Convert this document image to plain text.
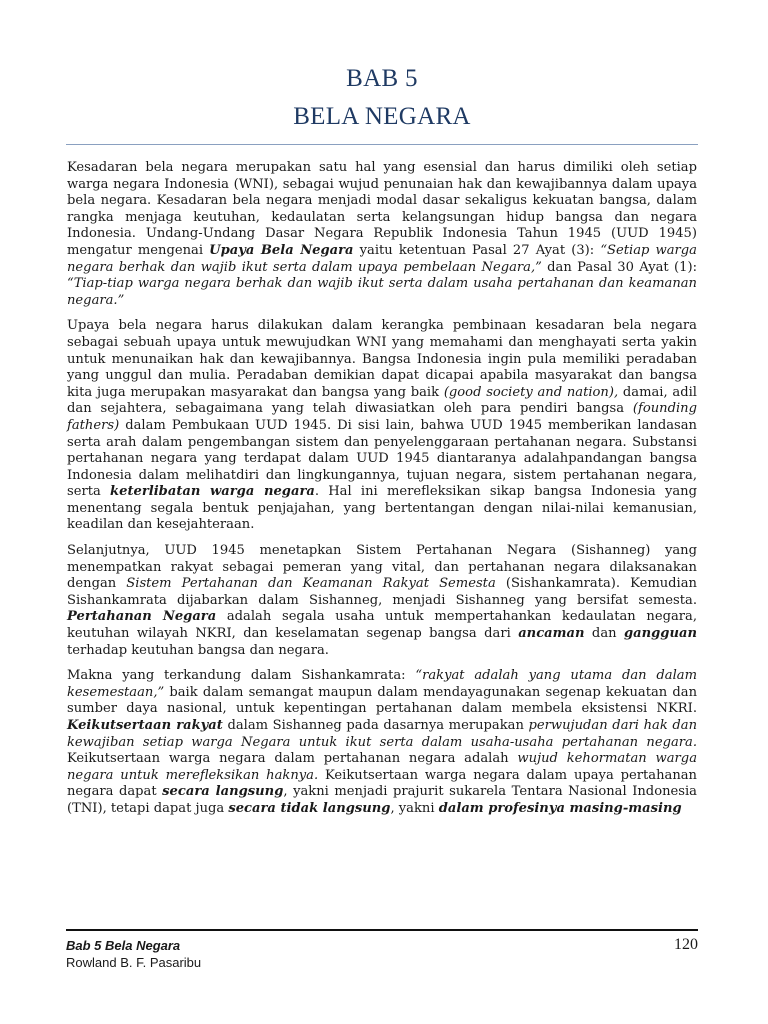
BAB 5
BELA NEGARA

Kesadaran bela negara merupakan satu hal yang esensial dan harus dimiliki oleh setiap warga negara Indonesia (WNI), sebagai wujud penunaian hak dan kewajibannya dalam upaya bela negara. Kesadaran bela negara menjadi modal dasar sekaligus kekuatan bangsa, dalam rangka menjaga keutuhan, kedaulatan serta kelangsungan hidup bangsa dan negara Indonesia. Undang-Undang Dasar Negara Republik Indonesia Tahun 1945 (UUD 1945) mengatur mengenai Upaya Bela Negara yaitu ketentuan Pasal 27 Ayat (3): “Setiap warga negara berhak dan wajib ikut serta dalam upaya pembelaan Negara,” dan Pasal 30 Ayat (1): “Tiap-tiap warga negara berhak dan wajib ikut serta dalam usaha pertahanan dan keamanan negara.”

Upaya bela negara harus dilakukan dalam kerangka pembinaan kesadaran bela negara sebagai sebuah upaya untuk mewujudkan WNI yang memahami dan menghayati serta yakin untuk menunaikan hak dan kewajibannya. Bangsa Indonesia ingin pula memiliki peradaban yang unggul dan mulia. Peradaban demikian dapat dicapai apabila masyarakat dan bangsa kita juga merupakan masyarakat dan bangsa yang baik (good society and nation), damai, adil dan sejahtera, sebagaimana yang telah diwasiatkan oleh para pendiri bangsa (founding fathers) dalam Pembukaan UUD 1945. Di sisi lain, bahwa UUD 1945 memberikan landasan serta arah dalam pengembangan sistem dan penyelenggaraan pertahanan negara. Substansi pertahanan negara yang terdapat dalam UUD 1945 diantaranya adalahpandangan bangsa Indonesia dalam melihatdiri dan lingkungannya, tujuan negara, sistem pertahanan negara, serta keterlibatan warga negara. Hal ini merefleksikan sikap bangsa Indonesia yang menentang segala bentuk penjajahan, yang bertentangan dengan nilai-nilai kemanusian, keadilan dan kesejahteraan.

Selanjutnya, UUD 1945 menetapkan Sistem Pertahanan Negara (Sishanneg) yang menempatkan rakyat sebagai pemeran yang vital, dan pertahanan negara dilaksanakan dengan Sistem Pertahanan dan Keamanan Rakyat Semesta (Sishankamrata). Kemudian Sishankamrata dijabarkan dalam Sishanneg, menjadi Sishanneg yang bersifat semesta. Pertahanan Negara adalah segala usaha untuk mempertahankan kedaulatan negara, keutuhan wilayah NKRI, dan keselamatan segenap bangsa dari ancaman dan gangguan terhadap keutuhan bangsa dan negara.

Makna yang terkandung dalam Sishankamrata: “rakyat adalah yang utama dan dalam kesemestaan,” baik dalam semangat maupun dalam mendayagunakan segenap kekuatan dan sumber daya nasional, untuk kepentingan pertahanan dalam membela eksistensi NKRI. Keikutsertaan rakyat dalam Sishanneg pada dasarnya merupakan perwujudan dari hak dan kewajiban setiap warga Negara untuk ikut serta dalam usaha-usaha pertahanan negara. Keikutsertaan warga negara dalam pertahanan negara adalah wujud kehormatan warga negara untuk merefleksikan haknya. Keikutsertaan warga negara dalam upaya pertahanan negara dapat secara langsung, yakni menjadi prajurit sukarela Tentara Nasional Indonesia (TNI), tetapi dapat juga secara tidak langsung, yakni dalam profesinya masing-masing

Bab 5 Bela Negara
Rowland B. F. Pasaribu
120
